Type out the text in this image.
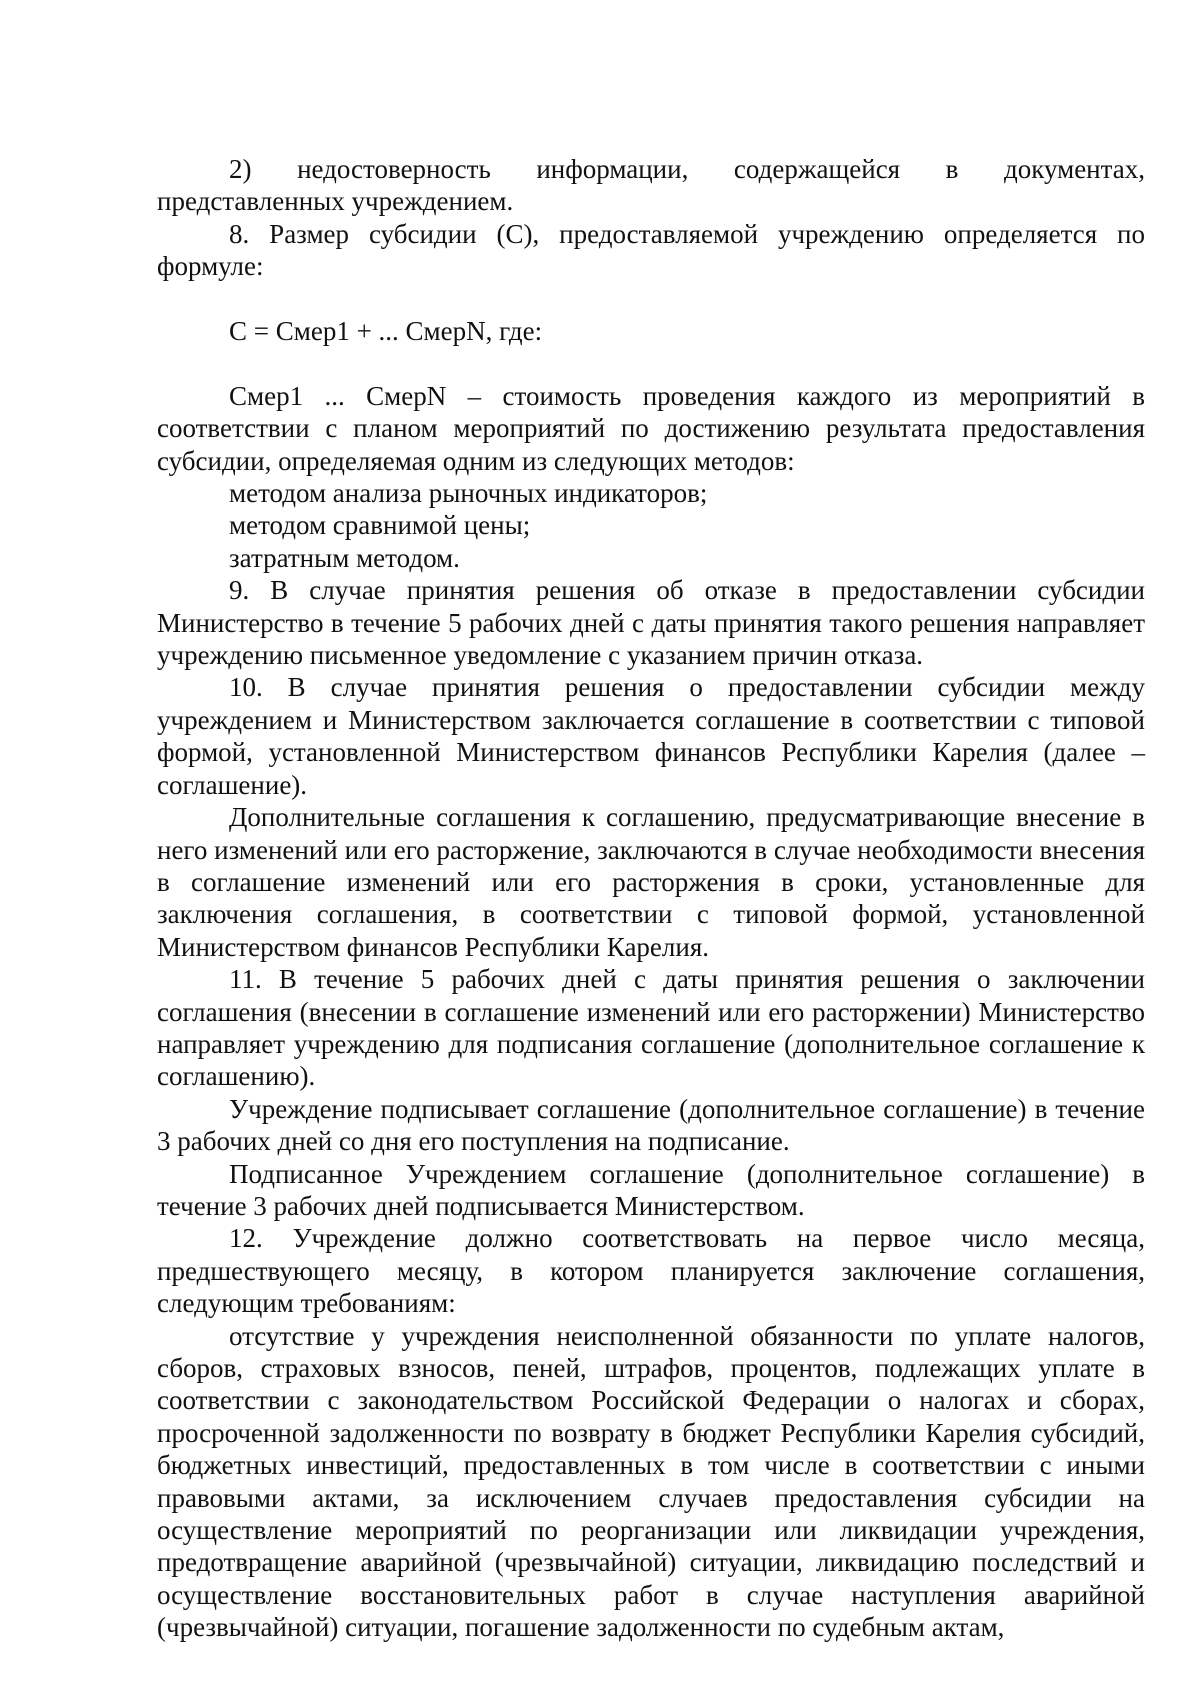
2) недостоверность информации, содержащейся в документах, представленных учреждением.

8. Размер субсидии (С), предоставляемой учреждению определяется по формуле:

С = Смер1 + ... СмерN, где:

Смер1 ... СмерN – стоимость проведения каждого из мероприятий в соответствии с планом мероприятий по достижению результата предоставления субсидии, определяемая одним из следующих методов:

методом анализа рыночных индикаторов;

методом сравнимой цены;

затратным методом.

9. В случае принятия решения об отказе в предоставлении субсидии Министерство в течение 5 рабочих дней с даты принятия такого решения направляет учреждению письменное уведомление с указанием причин отказа.

10. В случае принятия решения о предоставлении субсидии между учреждением и Министерством заключается соглашение в соответствии с типовой формой, установленной Министерством финансов Республики Карелия (далее – соглашение).

Дополнительные соглашения к соглашению, предусматривающие внесение в него изменений или его расторжение, заключаются в случае необходимости внесения в соглашение изменений или его расторжения в сроки, установленные для заключения соглашения, в соответствии с типовой формой, установленной Министерством финансов Республики Карелия.

11. В течение 5 рабочих дней с даты принятия решения о заключении соглашения (внесении в соглашение изменений или его расторжении) Министерство направляет учреждению для подписания соглашение (дополнительное соглашение к соглашению).

Учреждение подписывает соглашение (дополнительное соглашение) в течение 3 рабочих дней со дня его поступления на подписание.

Подписанное Учреждением соглашение (дополнительное соглашение) в течение 3 рабочих дней подписывается Министерством.

12. Учреждение должно соответствовать на первое число месяца, предшествующего месяцу, в котором планируется заключение соглашения, следующим требованиям:

отсутствие у учреждения неисполненной обязанности по уплате налогов, сборов, страховых взносов, пеней, штрафов, процентов, подлежащих уплате в соответствии с законодательством Российской Федерации о налогах и сборах, просроченной задолженности по возврату в бюджет Республики Карелия субсидий, бюджетных инвестиций, предоставленных в том числе в соответствии с иными правовыми актами, за исключением случаев предоставления субсидии на осуществление мероприятий по реорганизации или ликвидации учреждения, предотвращение аварийной (чрезвычайной) ситуации, ликвидацию последствий и осуществление восстановительных работ в случае наступления аварийной (чрезвычайной) ситуации, погашение задолженности по судебным актам,
